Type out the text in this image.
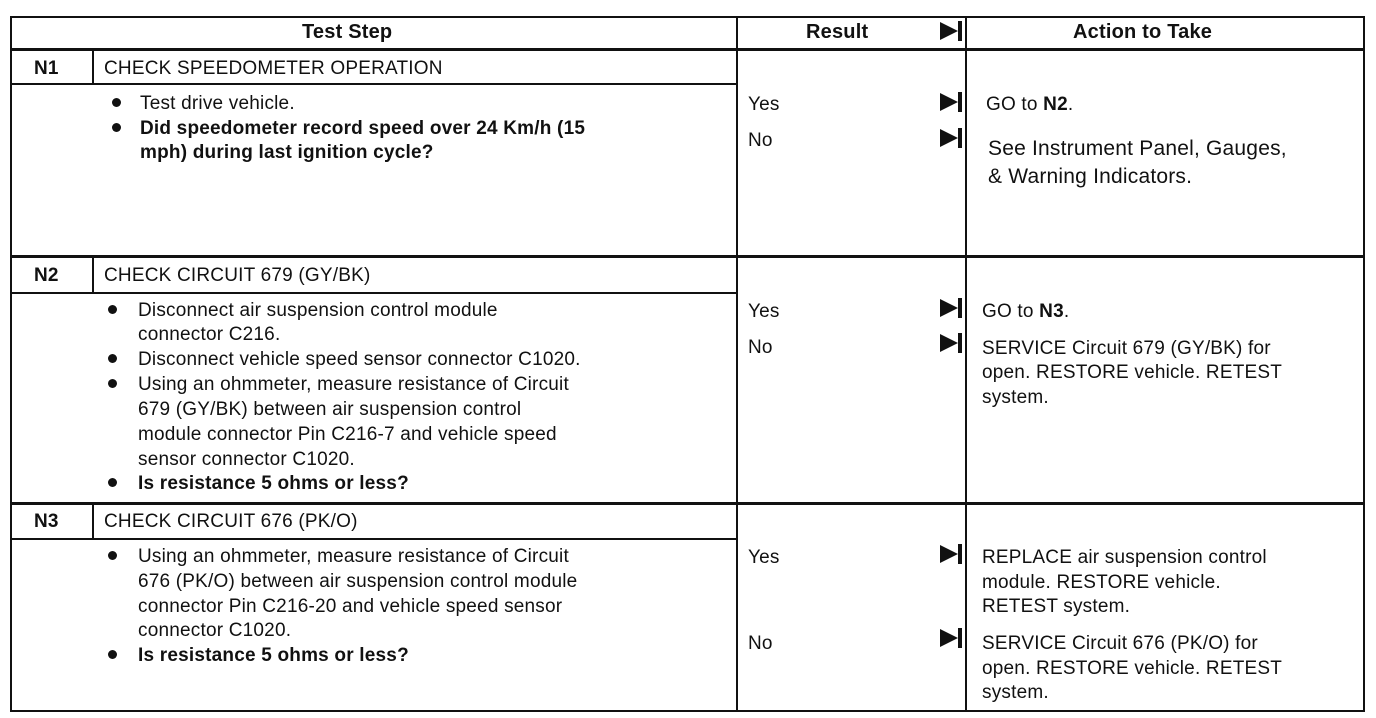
Test Step	Result	Action to Take
N1 CHECK SPEEDOMETER OPERATION
Test drive vehicle.
Did speedometer record speed over 24 Km/h (15
mph) during last ignition cycle?
Yes
No
GO to N2.
See Instrument Panel, Gauges,
& Warning Indicators.
N2 CHECK CIRCUIT 679 (GY/BK)
Disconnect air suspension control module
connector C216.
Disconnect vehicle speed sensor connector C1020.
Using an ohmmeter, measure resistance of Circuit
679 (GY/BK) between air suspension control
module connector Pin C216-7 and vehicle speed
sensor connector C1020.
Is resistance 5 ohms or less?
Yes
No
GO to N3.
SERVICE Circuit 679 (GY/BK) for
open. RESTORE vehicle. RETEST
system.
N3 CHECK CIRCUIT 676 (PK/O)
Using an ohmmeter, measure resistance of Circuit
676 (PK/O) between air suspension control module
connector Pin C216-20 and vehicle speed sensor
connector C1020.
Is resistance 5 ohms or less?
Yes
No
REPLACE air suspension control
module. RESTORE vehicle.
RETEST system.
SERVICE Circuit 676 (PK/O) for
open. RESTORE vehicle. RETEST
system.
